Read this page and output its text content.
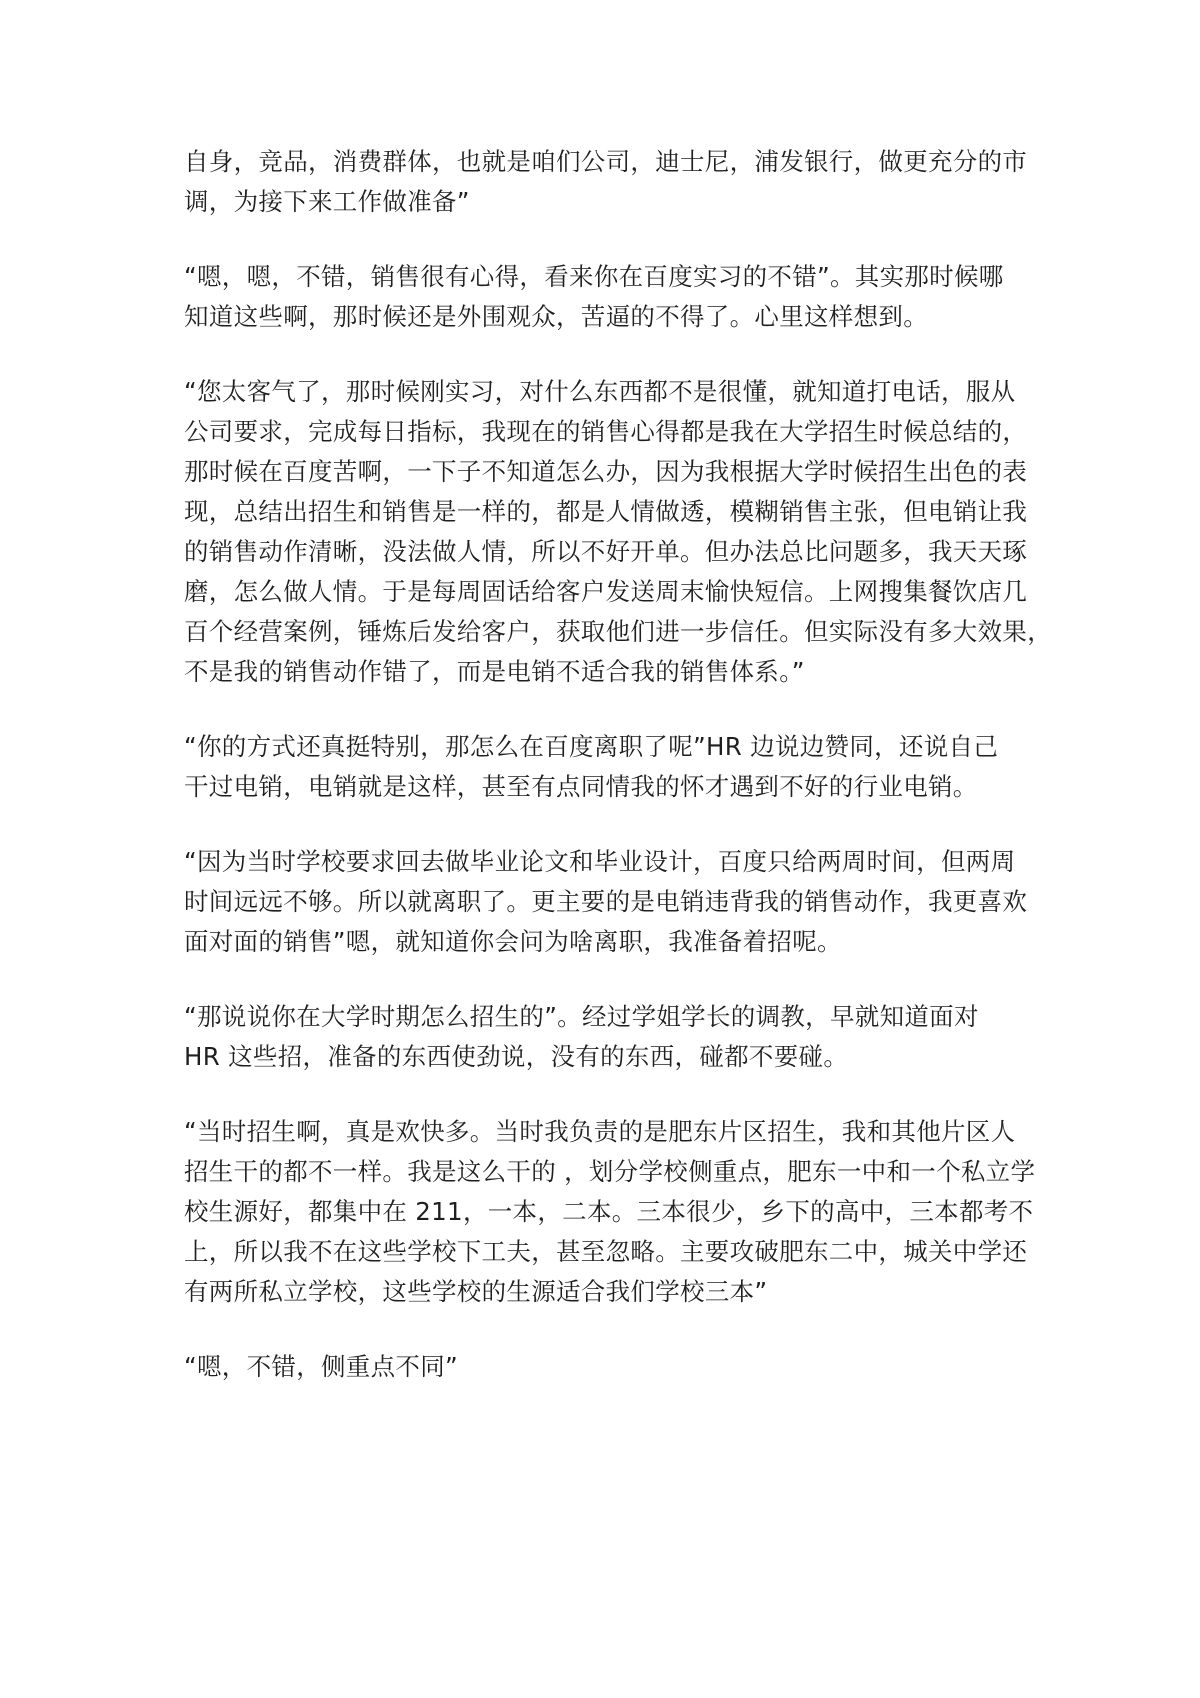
自身，竞品，消费群体，也就是咱们公司，迪士尼，浦发银行，做更充分的市
调，为接下来工作做准备”

“嗯，嗯，不错，销售很有心得，看来你在百度实习的不错”。其实那时候哪
知道这些啊，那时候还是外围观众，苦逼的不得了。心里这样想到。

“您太客气了，那时候刚实习，对什么东西都不是很懂，就知道打电话，服从
公司要求，完成每日指标，我现在的销售心得都是我在大学招生时候总结的，
那时候在百度苦啊，一下子不知道怎么办，因为我根据大学时候招生出色的表
现，总结出招生和销售是一样的，都是人情做透，模糊销售主张，但电销让我
的销售动作清晰，没法做人情，所以不好开单。但办法总比问题多，我天天琢
磨，怎么做人情。于是每周固话给客户发送周末愉快短信。上网搜集餐饮店几
百个经营案例，锤炼后发给客户，获取他们进一步信任。但实际没有多大效果，
不是我的销售动作错了，而是电销不适合我的销售体系。”

“你的方式还真挺特别，那怎么在百度离职了呢”HR 边说边赞同，还说自己
干过电销，电销就是这样，甚至有点同情我的怀才遇到不好的行业电销。

“因为当时学校要求回去做毕业论文和毕业设计，百度只给两周时间，但两周
时间远远不够。所以就离职了。更主要的是电销违背我的销售动作，我更喜欢
面对面的销售”嗯，就知道你会问为啥离职，我准备着招呢。

“那说说你在大学时期怎么招生的”。经过学姐学长的调教，早就知道面对
HR 这些招，准备的东西使劲说，没有的东西，碰都不要碰。

“当时招生啊，真是欢快多。当时我负责的是肥东片区招生，我和其他片区人
招生干的都不一样。我是这么干的 ，划分学校侧重点，肥东一中和一个私立学
校生源好，都集中在 211，一本，二本。三本很少，乡下的高中，三本都考不
上，所以我不在这些学校下工夫，甚至忽略。主要攻破肥东二中，城关中学还
有两所私立学校，这些学校的生源适合我们学校三本”

“嗯，不错，侧重点不同”
